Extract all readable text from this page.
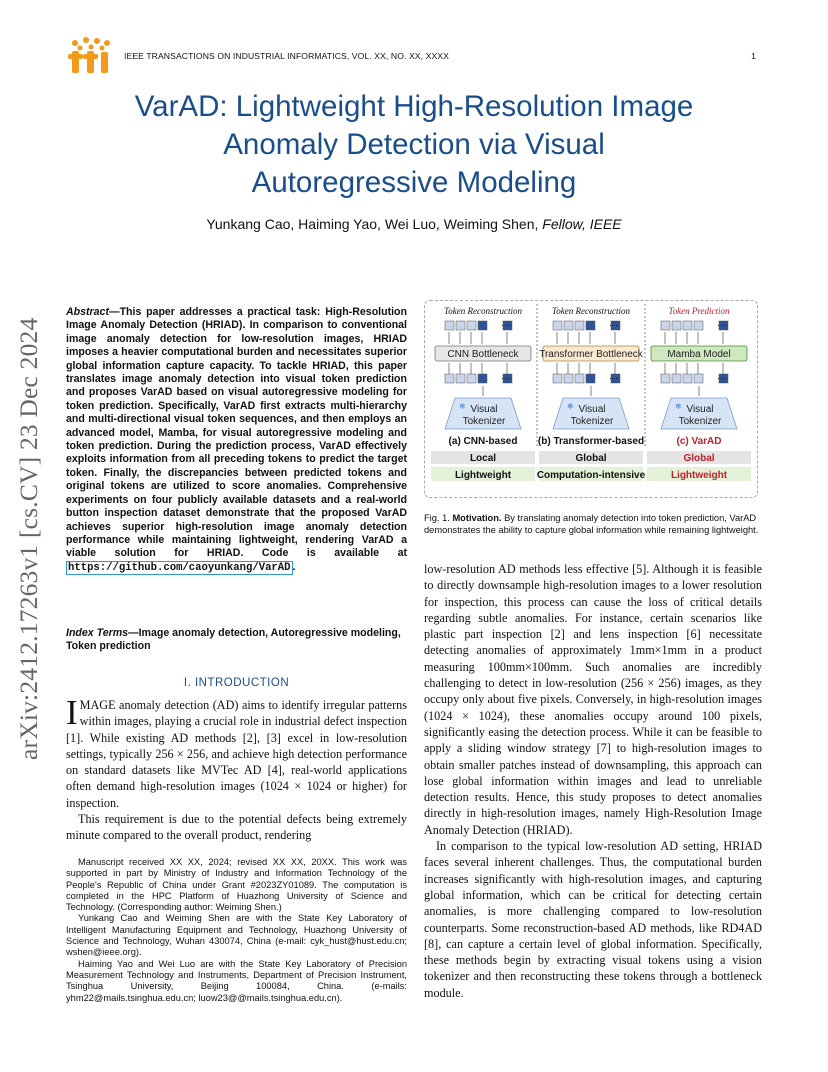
tii
IEEE TRANSACTIONS ON INDUSTRIAL INFORMATICS, VOL. XX, NO. XX, XXXX	1
arXiv:2412.17263v1 [cs.CV] 23 Dec 2024
VarAD: Lightweight High-Resolution Image
Anomaly Detection via Visual
Autoregressive Modeling
Yunkang Cao, Haiming Yao, Wei Luo, Weiming Shen, Fellow, IEEE
Abstract—This paper addresses a practical task: High-Resolution Image Anomaly Detection (HRIAD). In comparison to conventional image anomaly detection for low-resolution images, HRIAD imposes a heavier computational burden and necessitates superior global information capture capacity. To tackle HRIAD, this paper translates image anomaly detection into visual token prediction and proposes VarAD based on visual autoregressive modeling for token prediction. Specifically, VarAD first extracts multi-hierarchy and multi-directional visual token sequences, and then employs an advanced model, Mamba, for visual autoregressive modeling and token prediction. During the prediction process, VarAD effectively exploits information from all preceding tokens to predict the target token. Finally, the discrepancies between predicted tokens and original tokens are utilized to score anomalies. Comprehensive experiments on four publicly available datasets and a real-world button inspection dataset demonstrate that the proposed VarAD achieves superior high-resolution image anomaly detection performance while maintaining lightweight, rendering VarAD a viable solution for HRIAD. Code is available at https://github.com/caoyunkang/VarAD .
Index Terms—Image anomaly detection, Autoregressive modeling, Token prediction
I. INTRODUCTION

IMAGE anomaly detection (AD) aims to identify irregular patterns within images, playing a crucial role in industrial defect inspection [1]. While existing AD methods [2], [3] excel in low-resolution settings, typically 256 × 256, and achieve high detection performance on standard datasets like MVTec AD [4], real-world applications often demand high-resolution images (1024 × 1024 or higher) for inspection.

This requirement is due to the potential defects being extremely minute compared to the overall product, rendering

Manuscript received XX XX, 2024; revised XX XX, 20XX. This work was supported in part by Ministry of Industry and Information Technology of the People's Republic of China under Grant #2023ZY01089. The computation is completed in the HPC Platform of Huazhong University of Science and Technology. (Corresponding author: Weiming Shen.)

Yunkang Cao and Weiming Shen are with the State Key Laboratory of Intelligent Manufacturing Equipment and Technology, Huazhong University of Science and Technology, Wuhan 430074, China (e-mail: cyk_hust@hust.edu.cn; wshen@ieee.org).

Haiming Yao and Wei Luo are with the State Key Laboratory of Precision Measurement Technology and Instruments, Department of Precision Instrument, Tsinghua University, Beijing 100084, China. (e-mails: yhm22@mails.tsinghua.edu.cn; luow23@@mails.tsinghua.edu.cn).

Token Reconstruction
···
CNN Bottleneck
···
❄ Visual
Tokenizer
(a) CNN-based
Local
Lightweight
Token Reconstruction
···
Transformer Bottleneck
···
❄ Visual
Tokenizer
(b) Transformer-based
Global
Computation-intensive
Token Prediction
···
Mamba Model
···
❄ Visual
Tokenizer
(c) VarAD
Global
Lightweight
Fig. 1. Motivation. By translating anomaly detection into token prediction, VarAD demonstrates the ability to capture global information while remaining lightweight.

low-resolution AD methods less effective [5]. Although it is feasible to directly downsample high-resolution images to a lower resolution for inspection, this process can cause the loss of critical details regarding subtle anomalies. For instance, certain scenarios like plastic part inspection [2] and lens inspection [6] necessitate detecting anomalies of approximately 1mm×1mm in a product measuring 100mm×100mm. Such anomalies are incredibly challenging to detect in low-resolution (256 × 256) images, as they occupy only about five pixels. Conversely, in high-resolution images (1024 × 1024), these anomalies occupy around 100 pixels, significantly easing the detection process. While it can be feasible to apply a sliding window strategy [7] to high-resolution images to obtain smaller patches instead of downsampling, this approach can lose global information within images and lead to unreliable detection results. Hence, this study proposes to detect anomalies directly in high-resolution images, namely High-Resolution Image Anomaly Detection (HRIAD).

In comparison to the typical low-resolution AD setting, HRIAD faces several inherent challenges. Thus, the computational burden increases significantly with high-resolution images, and capturing global information, which can be critical for detecting certain anomalies, is more challenging compared to low-resolution counterparts. Some reconstruction-based AD methods, like RD4AD [8], can capture a certain level of global information. Specifically, these methods begin by extracting visual tokens using a vision tokenizer and then reconstructing these tokens through a bottleneck module.
